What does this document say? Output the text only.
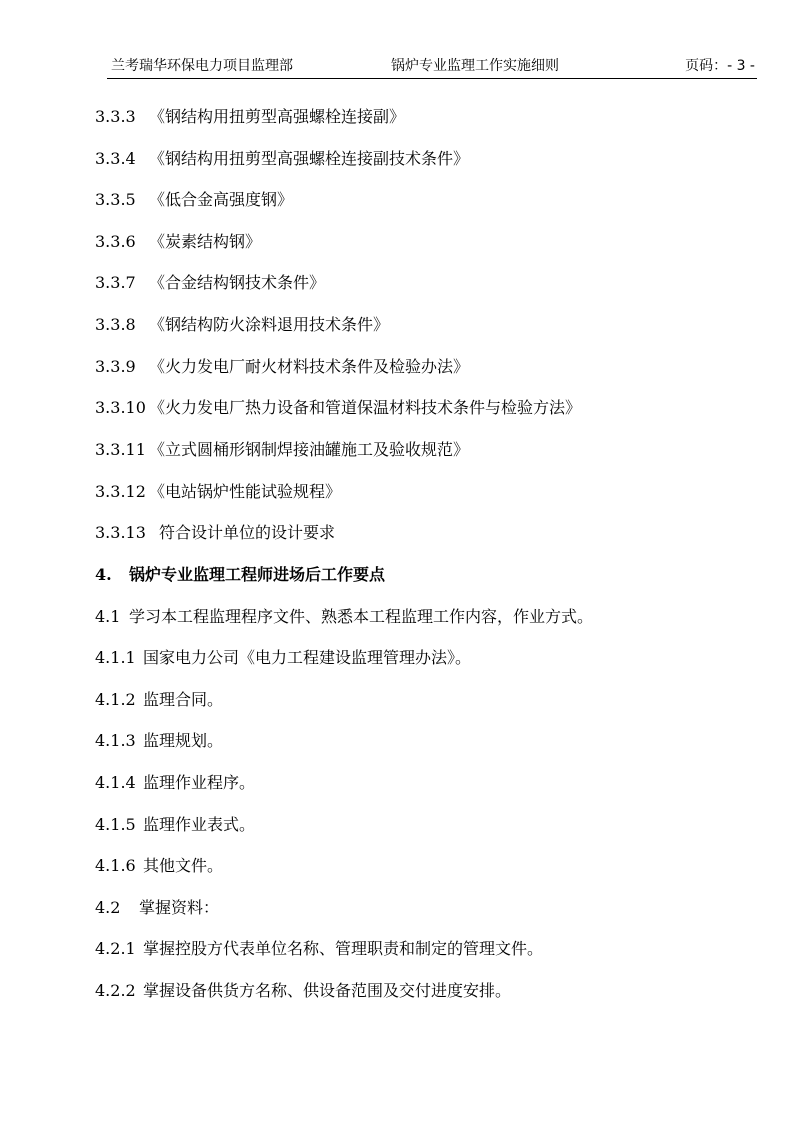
兰考瑞华环保电力项目监理部	锅炉专业监理工作实施细则	页码：- 3 -
3.3.3 《钢结构用扭剪型高强螺栓连接副》
3.3.4 《钢结构用扭剪型高强螺栓连接副技术条件》
3.3.5 《低合金高强度钢》
3.3.6 《炭素结构钢》
3.3.7 《合金结构钢技术条件》
3.3.8 《钢结构防火涂料退用技术条件》
3.3.9 《火力发电厂耐火材料技术条件及检验办法》
3.3.10 《火力发电厂热力设备和管道保温材料技术条件与检验方法》
3.3.11 《立式圆桶形钢制焊接油罐施工及验收规范》
3.3.12 《电站锅炉性能试验规程》
3.3.13 符合设计单位的设计要求
4. 锅炉专业监理工程师进场后工作要点
4.1 学习本工程监理程序文件、熟悉本工程监理工作内容，作业方式。
4.1.1 国家电力公司《电力工程建设监理管理办法》。
4.1.2 监理合同。
4.1.3 监理规划。
4.1.4 监理作业程序。
4.1.5 监理作业表式。
4.1.6 其他文件。
4.2 掌握资料：
4.2.1 掌握控股方代表单位名称、管理职责和制定的管理文件。
4.2.2 掌握设备供货方名称、供设备范围及交付进度安排。
